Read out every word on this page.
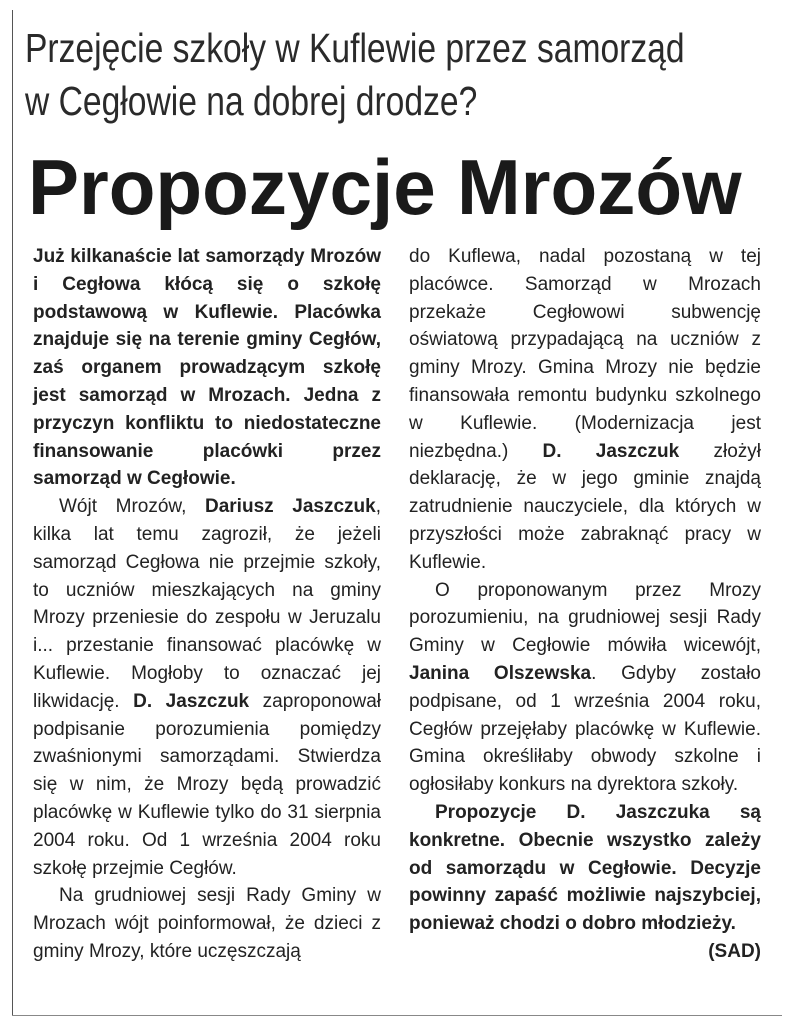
Przejęcie szkoły w Kuflewie przez samorząd
w Cegłowie na dobrej drodze?
Propozycje Mrozów

Już kilkanaście lat samorządy Mrozów i Cegłowa kłócą się o szkołę podstawową w Kuflewie. Placówka znajduje się na terenie gminy Cegłów, zaś organem prowadzącym szkołę jest samorząd w Mrozach. Jedna z przyczyn konfliktu to niedostateczne finansowanie placówki przez samorząd w Cegłowie.

Wójt Mrozów, Dariusz Jaszczuk, kilka lat temu zagroził, że jeżeli samorząd Cegłowa nie przejmie szkoły, to uczniów mieszkających na gminy Mrozy przeniesie do zespołu w Jeruzalu i... przestanie finansować placówkę w Kuflewie. Mogłoby to oznaczać jej likwidację. D. Jaszczuk zaproponował podpisanie porozumienia pomiędzy zwaśnionymi samorządami. Stwierdza się w nim, że Mrozy będą prowadzić placówkę w Kuflewie tylko do 31 sierpnia 2004 roku. Od 1 września 2004 roku szkołę przejmie Cegłów.

Na grudniowej sesji Rady Gminy w Mrozach wójt poinformował, że dzieci z gminy Mrozy, które uczęszczają

do Kuflewa, nadal pozostaną w tej placówce. Samorząd w Mrozach przekaże Cegłowowi subwencję oświatową przypadającą na uczniów z gminy Mrozy. Gmina Mrozy nie będzie finansowała remontu budynku szkolnego w Kuflewie. (Modernizacja jest niezbędna.) D. Jaszczuk złożył deklarację, że w jego gminie znajdą zatrudnienie nauczyciele, dla których w przyszłości może zabraknąć pracy w Kuflewie.

O proponowanym przez Mrozy porozumieniu, na grudniowej sesji Rady Gminy w Cegłowie mówiła wicewójt, Janina Olszewska. Gdyby zostało podpisane, od 1 września 2004 roku, Cegłów przejęłaby placówkę w Kuflewie. Gmina określiłaby obwody szkolne i ogłosiłaby konkurs na dyrektora szkoły.

Propozycje D. Jaszczuka są konkretne. Obecnie wszystko zależy od samorządu w Cegłowie. Decyzje powinny zapaść możliwie najszybciej, ponieważ chodzi o dobro młodzieży.

(SAD)
